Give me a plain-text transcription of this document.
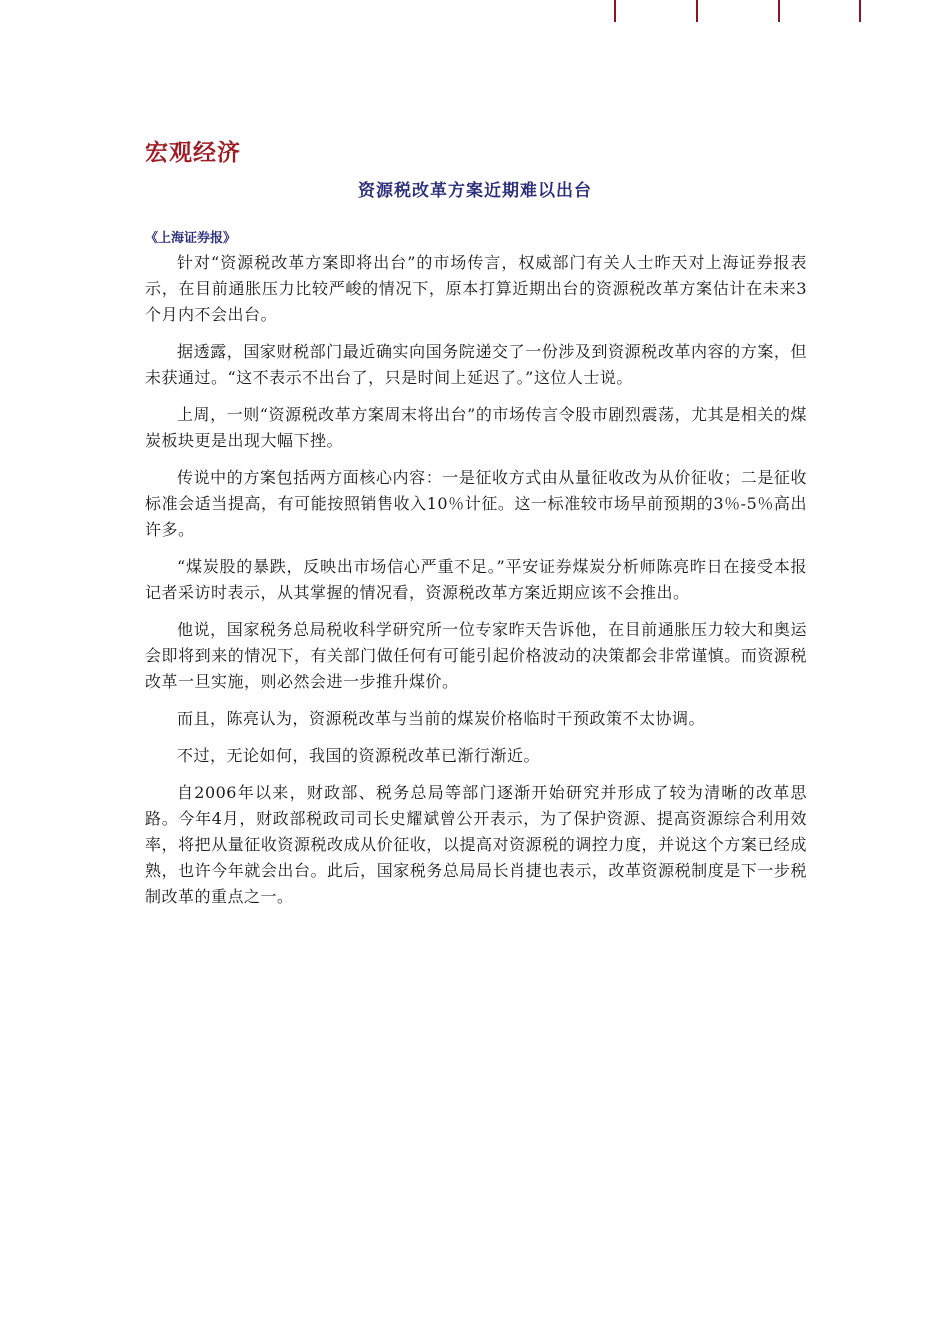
宏观经济
资源税改革方案近期难以出台
《上海证券报》

针对“资源税改革方案即将出台”的市场传言，权威部门有关人士昨天对上海证券报表示，在目前通胀压力比较严峻的情况下，原本打算近期出台的资源税改革方案估计在未来3个月内不会出台。

据透露，国家财税部门最近确实向国务院递交了一份涉及到资源税改革内容的方案，但未获通过。“这不表示不出台了，只是时间上延迟了。”这位人士说。

上周，一则“资源税改革方案周末将出台”的市场传言令股市剧烈震荡，尤其是相关的煤炭板块更是出现大幅下挫。

传说中的方案包括两方面核心内容：一是征收方式由从量征收改为从价征收；二是征收标准会适当提高，有可能按照销售收入10％计征。这一标准较市场早前预期的3％-5％高出许多。

“煤炭股的暴跌，反映出市场信心严重不足。”平安证券煤炭分析师陈亮昨日在接受本报记者采访时表示，从其掌握的情况看，资源税改革方案近期应该不会推出。

他说，国家税务总局税收科学研究所一位专家昨天告诉他，在目前通胀压力较大和奥运会即将到来的情况下，有关部门做任何有可能引起价格波动的决策都会非常谨慎。而资源税改革一旦实施，则必然会进一步推升煤价。

而且，陈亮认为，资源税改革与当前的煤炭价格临时干预政策不太协调。

不过，无论如何，我国的资源税改革已渐行渐近。

自2006年以来，财政部、税务总局等部门逐渐开始研究并形成了较为清晰的改革思路。今年4月，财政部税政司司长史耀斌曾公开表示，为了保护资源、提高资源综合利用效率，将把从量征收资源税改成从价征收，以提高对资源税的调控力度，并说这个方案已经成熟，也许今年就会出台。此后，国家税务总局局长肖捷也表示，改革资源税制度是下一步税制改革的重点之一。
